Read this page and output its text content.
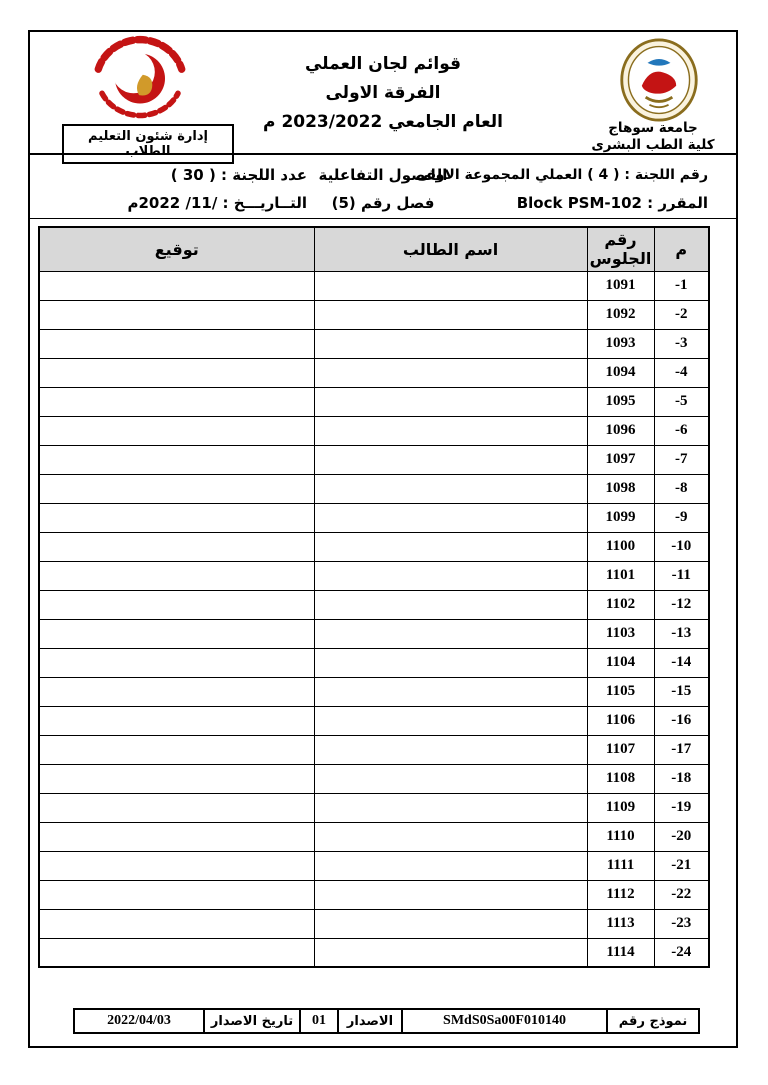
جامعة سوهاج
كلية الطب البشرى
قوائم لجان العملي
الفرقة الاولى
العام الجامعي 2023/2022 م
إدارة شئون التعليم الطلاب
رقم اللجنة : ( 4 ) العملي المجموعة الاولى
المقرر : Block PSM-102
الفصول التفاعلية
فصل رقم (5)
عدد اللجنة : ( 30 )
التــاريـــخ : /11/ 2022م
م	رقم الجلوس	اسم الطالب	توقيع
-1	1091		
-2	1092		
-3	1093		
-4	1094		
-5	1095		
-6	1096		
-7	1097		
-8	1098		
-9	1099		
-10	1100		
-11	1101		
-12	1102		
-13	1103		
-14	1104		
-15	1105		
-16	1106		
-17	1107		
-18	1108		
-19	1109		
-20	1110		
-21	1111		
-22	1112		
-23	1113		
-24	1114		
نموذج رقم	SMdS0Sa00F010140	الاصدار	01	تاريخ الاصدار	2022/04/03
